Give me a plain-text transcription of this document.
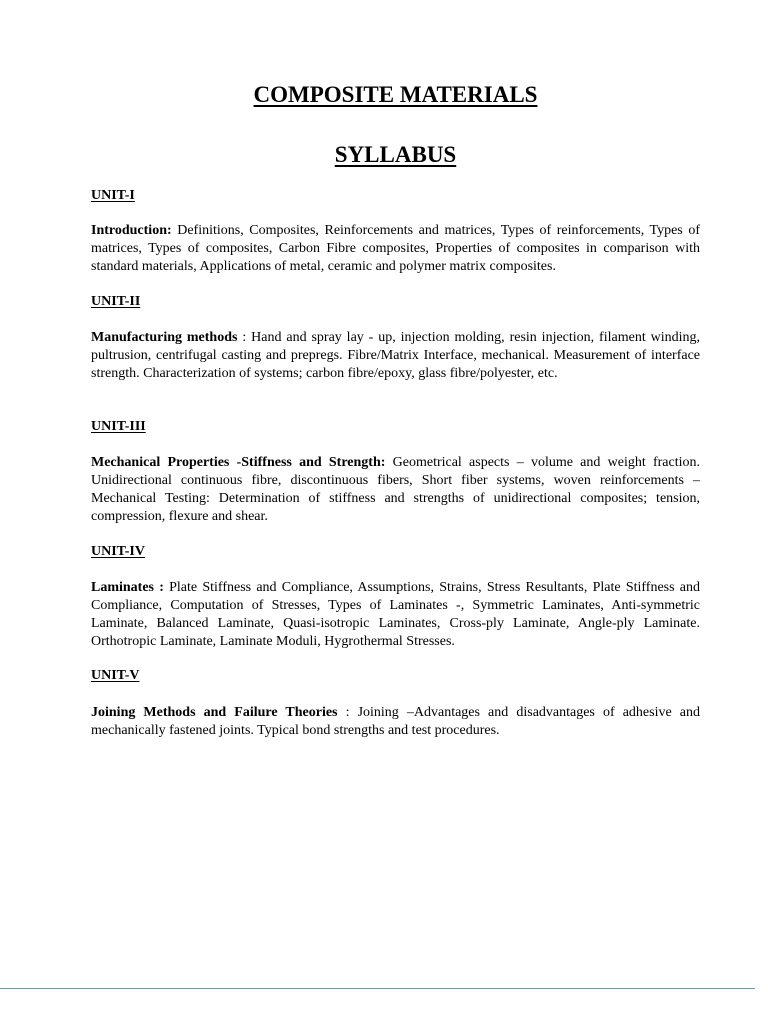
COMPOSITE MATERIALS
SYLLABUS

UNIT-I

Introduction: Definitions, Composites, Reinforcements and matrices, Types of reinforcements, Types of matrices, Types of composites, Carbon Fibre composites, Properties of composites in comparison with standard materials, Applications of metal, ceramic and polymer matrix composites.

UNIT-II

Manufacturing methods : Hand and spray lay - up, injection molding, resin injection, filament winding, pultrusion, centrifugal casting and prepregs. Fibre/Matrix Interface, mechanical. Measurement of interface strength. Characterization of systems; carbon fibre/epoxy, glass fibre/polyester, etc.

UNIT-III

Mechanical Properties -Stiffness and Strength: Geometrical aspects – volume and weight fraction. Unidirectional continuous fibre, discontinuous fibers, Short fiber systems, woven reinforcements –Mechanical Testing: Determination of stiffness and strengths of unidirectional composites; tension, compression, flexure and shear.

UNIT-IV

Laminates : Plate Stiffness and Compliance, Assumptions, Strains, Stress Resultants, Plate Stiffness and Compliance, Computation of Stresses, Types of Laminates -, Symmetric Laminates, Anti-symmetric Laminate, Balanced Laminate, Quasi-isotropic Laminates, Cross-ply Laminate, Angle-ply Laminate. Orthotropic Laminate, Laminate Moduli, Hygrothermal Stresses.

UNIT-V

Joining Methods and Failure Theories : Joining –Advantages and disadvantages of adhesive and mechanically fastened joints. Typical bond strengths and test procedures.
